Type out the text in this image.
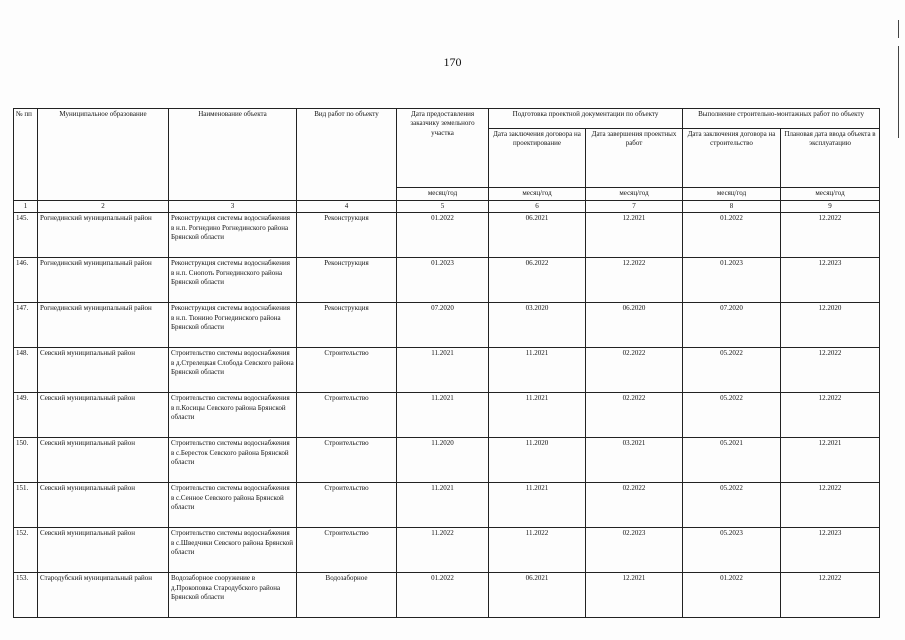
170
№ пп	Муниципальное образование	Наименование объекта	Вид работ по объекту	Дата предоставления заказчику земельного участка	Подготовка проектной документации по объекту		Выполнение строительно-монтажных работ по объекту	
					Дата заключения договора на проектирование	Дата завершения проектных работ	Дата заключения договора на строительство	Плановая дата ввода объекта в эксплуатацию
				месяц/год	месяц/год	месяц/год	месяц/год	месяц/год
1	2	3	4	5	6	7	8	9
145.	Рогнединский муниципальный район	Реконструкция системы водоснабжения в н.п. Рогнедино Рогнединского района Брянской области	Реконструкция	01.2022	06.2021	12.2021	01.2022	12.2022
146.	Рогнединский муниципальный район	Реконструкция системы водоснабжения в н.п. Снопоть Рогнединского района Брянской области	Реконструкция	01.2023	06.2022	12.2022	01.2023	12.2023
147.	Рогнединский муниципальный район	Реконструкция системы водоснабжения в н.п. Тюнино Рогнединского района Брянской области	Реконструкция	07.2020	03.2020	06.2020	07.2020	12.2020
148.	Севский муниципальный район	Строительство системы водоснабжения в д.Стрелецкая Слобода Севского района Брянской области	Строительство	11.2021	11.2021	02.2022	05.2022	12.2022
149.	Севский муниципальный район	Строительство системы водоснабжения в п.Косицы Севского района Брянской области	Строительство	11.2021	11.2021	02.2022	05.2022	12.2022
150.	Севский муниципальный район	Строительство системы водоснабжения в с.Бересток Севского района Брянской области	Строительство	11.2020	11.2020	03.2021	05.2021	12.2021
151.	Севский муниципальный район	Строительство системы водоснабжения в с.Сенное Севского района Брянской области	Строительство	11.2021	11.2021	02.2022	05.2022	12.2022
152.	Севский муниципальный район	Строительство системы водоснабжения в с.Шведчики Севского района Брянской области	Строительство	11.2022	11.2022	02.2023	05.2023	12.2023
153.	Стародубский муниципальный район	Водозаборное сооружение в д.Прокоповка Стародубского района Брянской области	Водозаборное	01.2022	06.2021	12.2021	01.2022	12.2022
